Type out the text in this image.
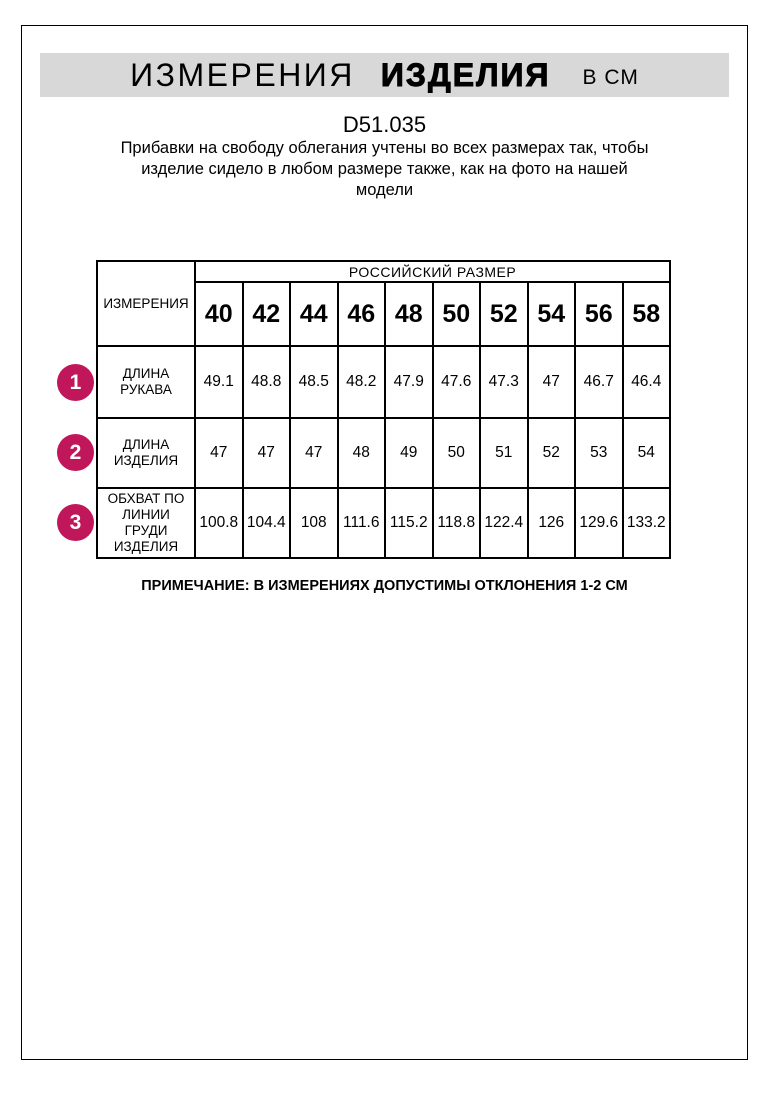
ИЗМЕРЕНИЯ ИЗДЕЛИЯ В СМ
D51.035
Прибавки на свободу облегания учтены во всех размерах так, чтобы
изделие сидело в любом размере также, как на фото на нашей
модели
ИЗМЕРЕНИЯ	РОССИЙСКИЙ РАЗМЕР									
	40	42	44	46	48	50	52	54	56	58
ДЛИНА РУКАВА	49.1	48.8	48.5	48.2	47.9	47.6	47.3	47	46.7	46.4
ДЛИНА ИЗДЕЛИЯ	47	47	47	48	49	50	51	52	53	54
ОБХВАТ ПО ЛИНИИ ГРУДИ ИЗДЕЛИЯ	100.8	104.4	108	111.6	115.2	118.8	122.4	126	129.6	133.2
1
2
3
ПРИМЕЧАНИЕ: В ИЗМЕРЕНИЯХ ДОПУСТИМЫ ОТКЛОНЕНИЯ 1-2 СМ
